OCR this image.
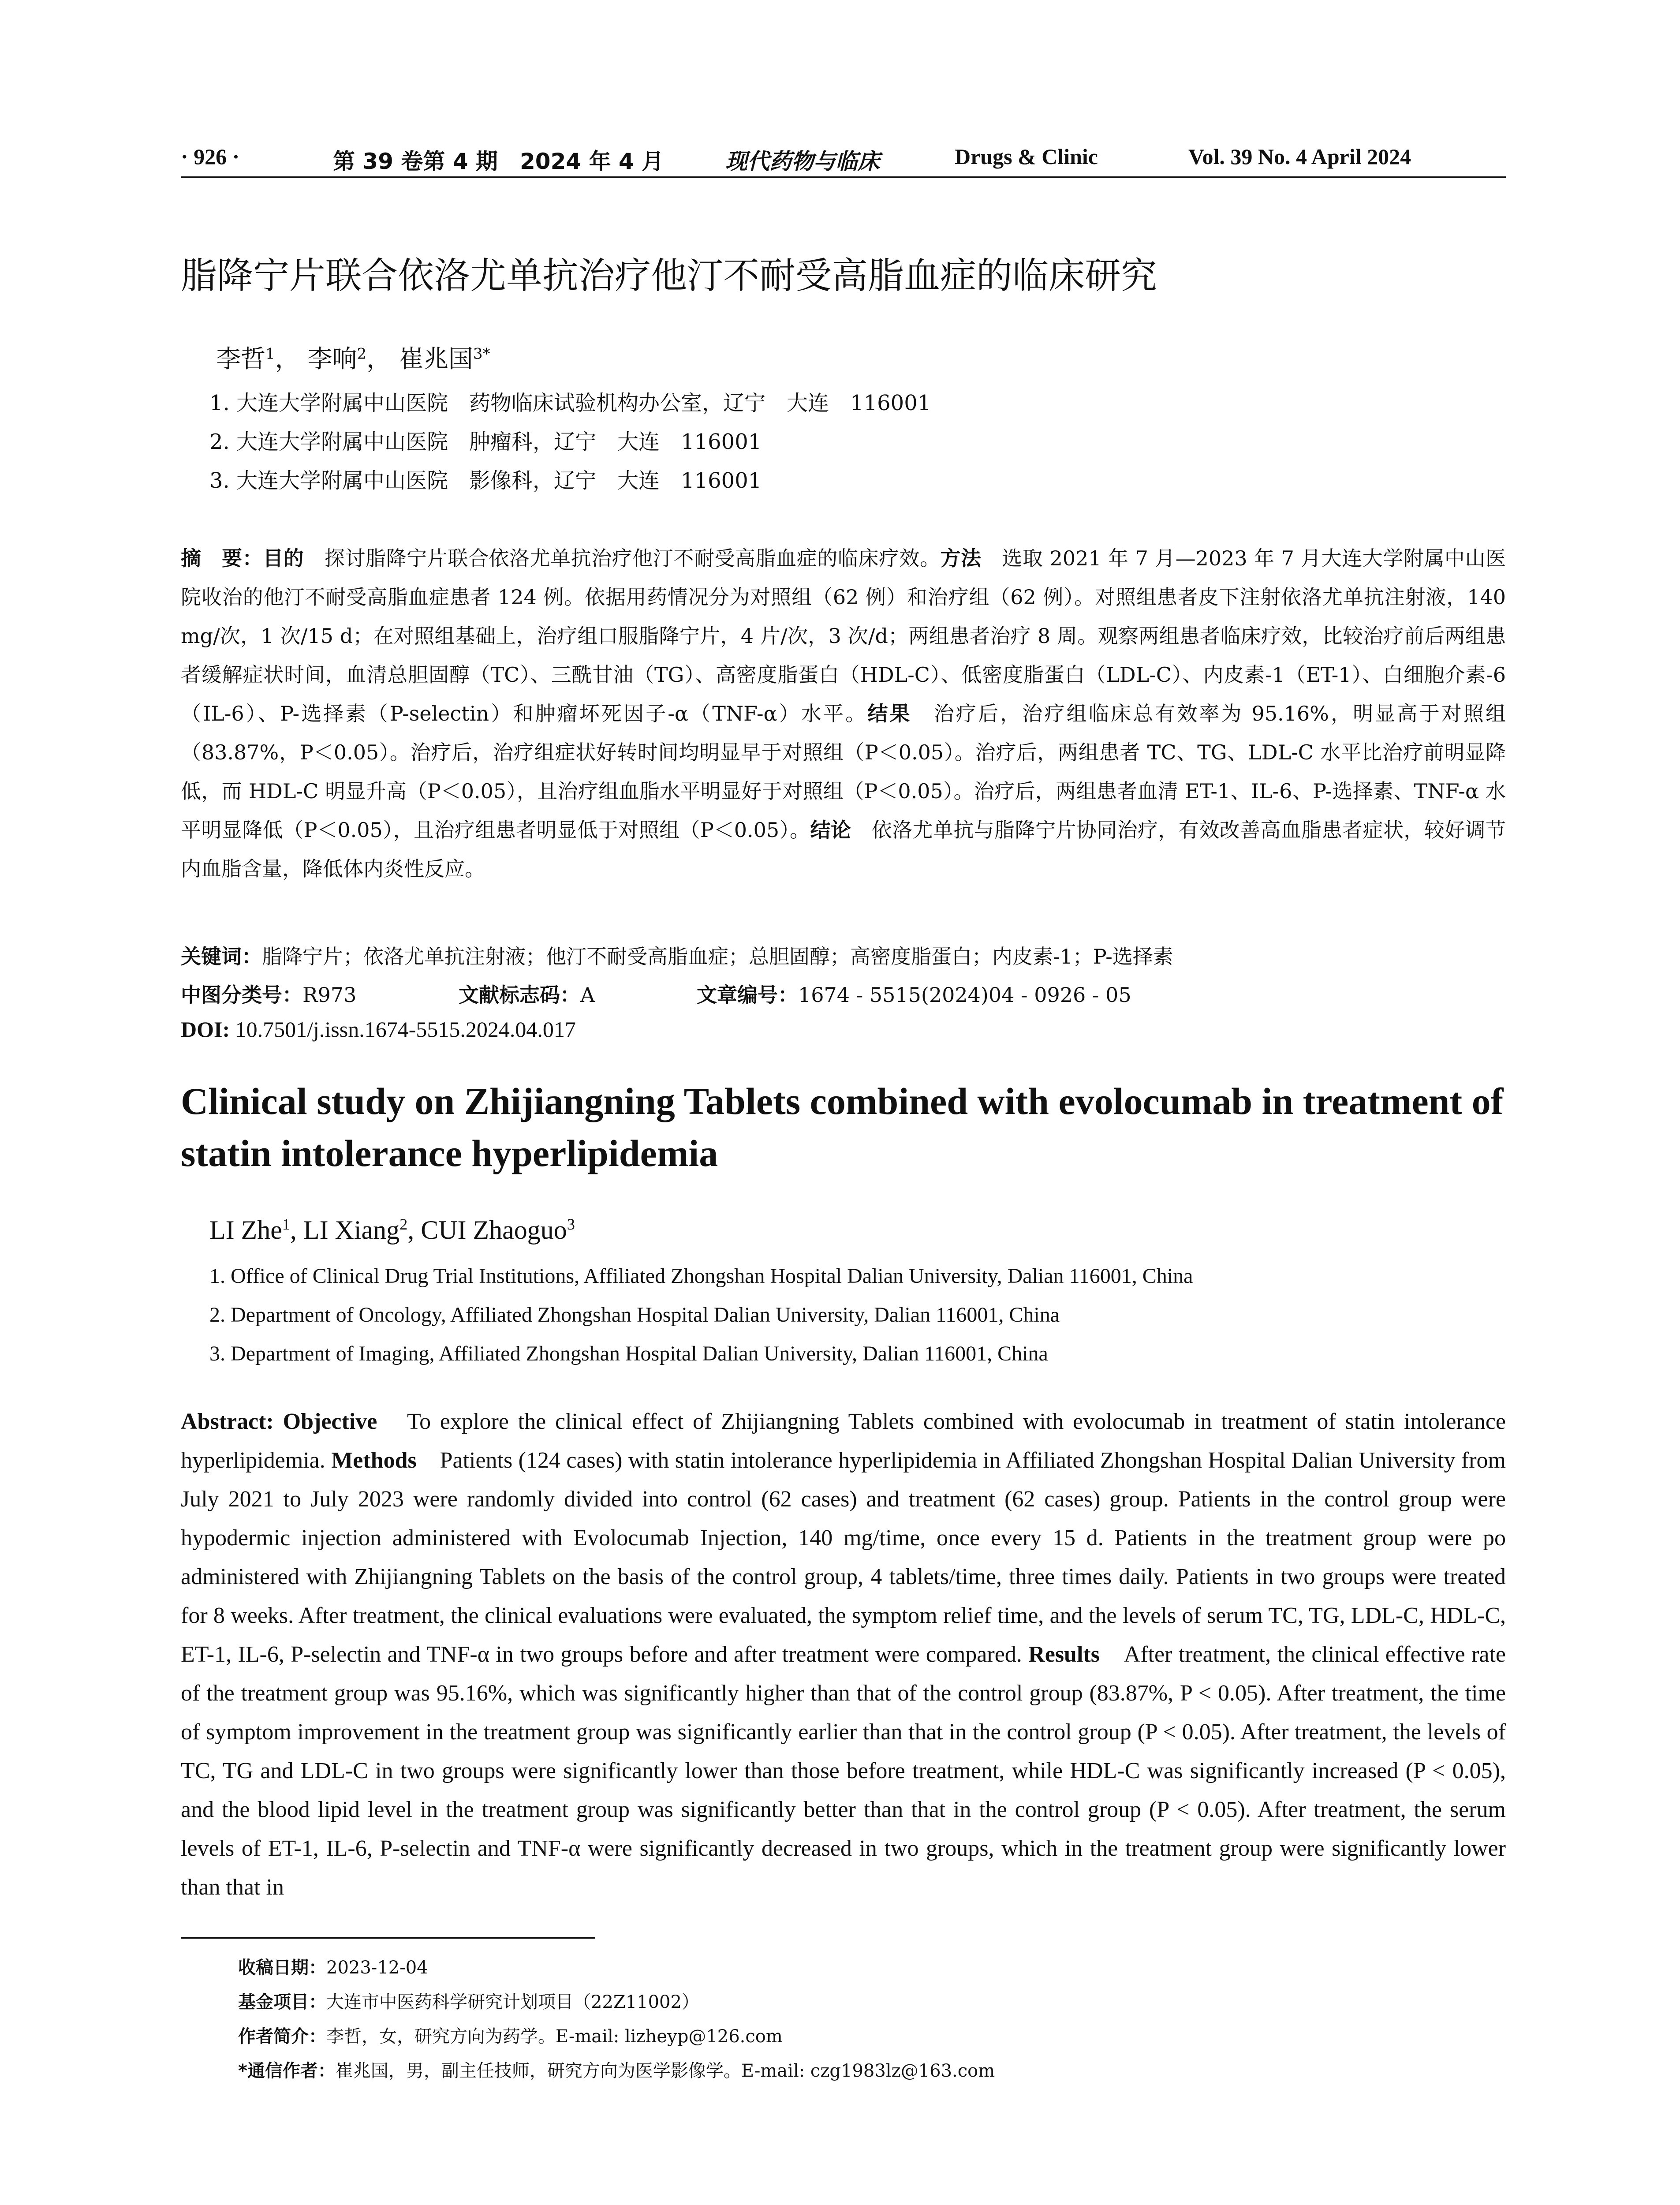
· 926 ·	第 39 卷第 4 期　2024 年 4 月	现代药物与临床	Drugs & Clinic	Vol. 39 No. 4 April 2024
脂降宁片联合依洛尤单抗治疗他汀不耐受高脂血症的临床研究
李哲$^1$， 李响$^2$， 崔兆国$^{3*}$
1. 大连大学附属中山医院　药物临床试验机构办公室，辽宁　大连　116001
2. 大连大学附属中山医院　肿瘤科，辽宁　大连　116001
3. 大连大学附属中山医院　影像科，辽宁　大连　116001
摘　要：目的　探讨脂降宁片联合依洛尤单抗治疗他汀不耐受高脂血症的临床疗效。方法　选取 2021 年 7 月—2023 年 7 月大连大学附属中山医院收治的他汀不耐受高脂血症患者 124 例。依据用药情况分为对照组（62 例）和治疗组（62 例）。对照组患者皮下注射依洛尤单抗注射液，140 mg/次，1 次/15 d；在对照组基础上，治疗组口服脂降宁片，4 片/次，3 次/d；两组患者治疗 8 周。观察两组患者临床疗效，比较治疗前后两组患者缓解症状时间，血清总胆固醇（TC）、三酰甘油（TG）、高密度脂蛋白（HDL-C）、低密度脂蛋白（LDL-C）、内皮素-1（ET-1）、白细胞介素-6（IL-6）、P-选择素（P-selectin）和肿瘤坏死因子-α（TNF-α）水平。结果　治疗后，治疗组临床总有效率为 95.16%，明显高于对照组（83.87%，P＜0.05）。治疗后，治疗组症状好转时间均明显早于对照组（P＜0.05）。治疗后，两组患者 TC、TG、LDL-C 水平比治疗前明显降低，而 HDL-C 明显升高（P＜0.05），且治疗组血脂水平明显好于对照组（P＜0.05）。治疗后，两组患者血清 ET-1、IL-6、P-选择素、TNF-α 水平明显降低（P＜0.05），且治疗组患者明显低于对照组（P＜0.05）。结论　依洛尤单抗与脂降宁片协同治疗，有效改善高血脂患者症状，较好调节内血脂含量，降低体内炎性反应。
关键词：脂降宁片；依洛尤单抗注射液；他汀不耐受高脂血症；总胆固醇；高密度脂蛋白；内皮素-1；P-选择素
中图分类号：R973	文献标志码：A	文章编号：1674 - 5515(2024)04 - 0926 - 05
DOI: 10.7501/j.issn.1674-5515.2024.04.017
Clinical study on Zhijiangning Tablets combined with evolocumab in treatment of statin intolerance hyperlipidemia
LI Zhe$^1$, LI Xiang$^2$, CUI Zhaoguo$^3$
1. Office of Clinical Drug Trial Institutions, Affiliated Zhongshan Hospital Dalian University, Dalian 116001, China
2. Department of Oncology, Affiliated Zhongshan Hospital Dalian University, Dalian 116001, China
3. Department of Imaging, Affiliated Zhongshan Hospital Dalian University, Dalian 116001, China
Abstract: Objective　To explore the clinical effect of Zhijiangning Tablets combined with evolocumab in treatment of statin intolerance hyperlipidemia. Methods　Patients (124 cases) with statin intolerance hyperlipidemia in Affiliated Zhongshan Hospital Dalian University from July 2021 to July 2023 were randomly divided into control (62 cases) and treatment (62 cases) group. Patients in the control group were hypodermic injection administered with Evolocumab Injection, 140 mg/time, once every 15 d. Patients in the treatment group were po administered with Zhijiangning Tablets on the basis of the control group, 4 tablets/time, three times daily. Patients in two groups were treated for 8 weeks. After treatment, the clinical evaluations were evaluated, the symptom relief time, and the levels of serum TC, TG, LDL-C, HDL-C, ET-1, IL-6, P-selectin and TNF-α in two groups before and after treatment were compared. Results　After treatment, the clinical effective rate of the treatment group was 95.16%, which was significantly higher than that of the control group (83.87%, P < 0.05). After treatment, the time of symptom improvement in the treatment group was significantly earlier than that in the control group (P < 0.05). After treatment, the levels of TC, TG and LDL-C in two groups were significantly lower than those before treatment, while HDL-C was significantly increased (P < 0.05), and the blood lipid level in the treatment group was significantly better than that in the control group (P < 0.05). After treatment, the serum levels of ET-1, IL-6, P-selectin and TNF-α were significantly decreased in two groups, which in the treatment group were significantly lower than that in
收稿日期：2023-12-04
基金项目：大连市中医药科学研究计划项目（22Z11002）
作者简介：李哲，女，研究方向为药学。E-mail: lizheyp@126.com
*通信作者：崔兆国，男，副主任技师，研究方向为医学影像学。E-mail: czg1983lz@163.com
